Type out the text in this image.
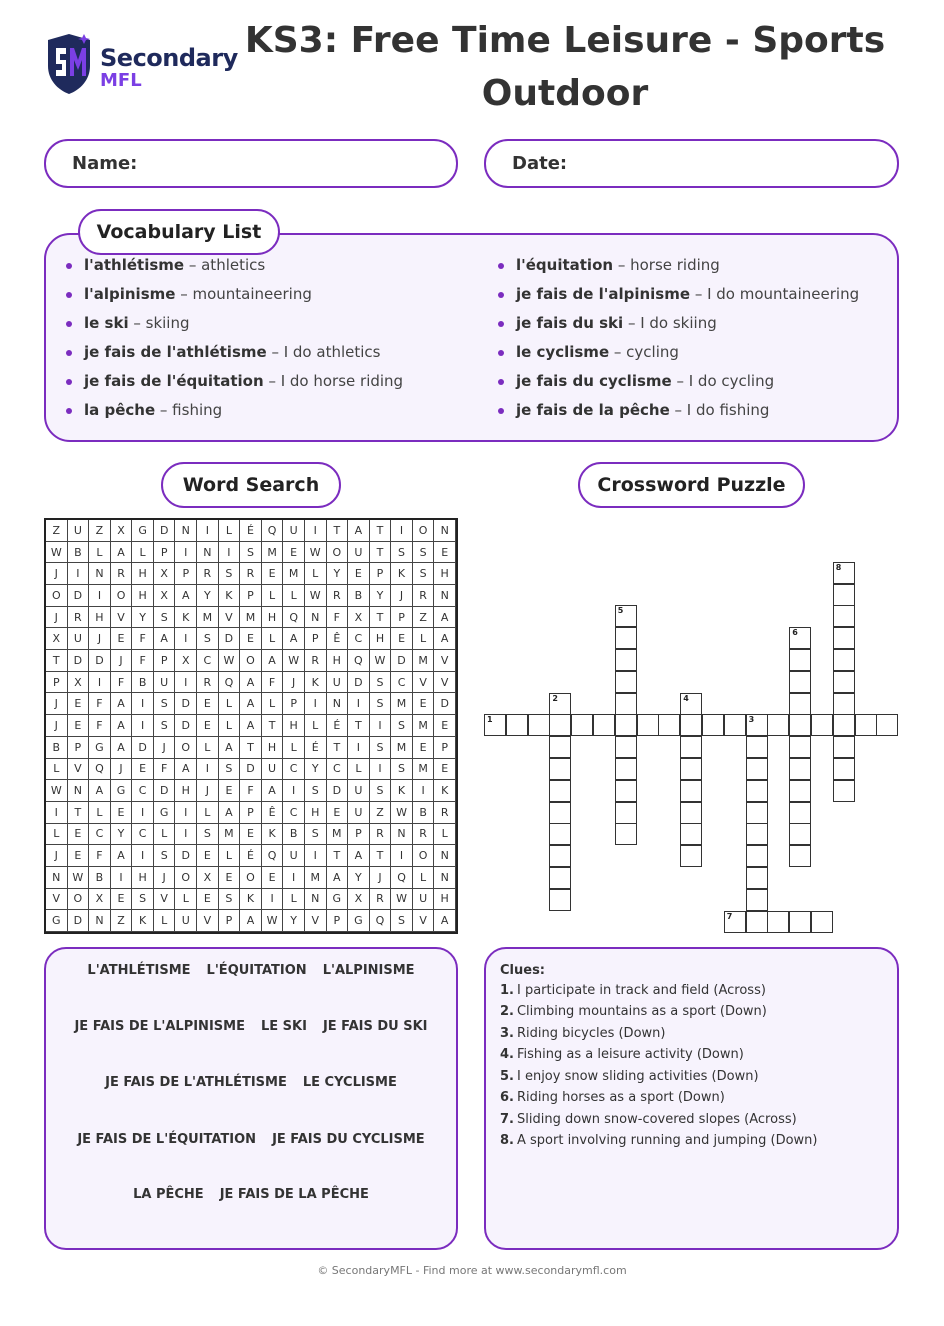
Secondary
MFL
KS3: Free Time Leisure - Sports Outdoor
Name:	Date:
Vocabulary List
l'athlétisme – athletics
l'alpinisme – mountaineering
le ski – skiing
je fais de l'athlétisme – I do athletics
je fais de l'équitation – I do horse riding
la pêche – fishing
l'équitation – horse riding
je fais de l'alpinisme – I do mountaineering
je fais du ski – I do skiing
le cyclisme – cycling
je fais du cyclisme – I do cycling
je fais de la pêche – I do fishing
Word Search	Crossword Puzzle
Z	U	Z	X	G	D	N	I	L	É	Q	U	I	T	A	T	I	O	N
W	B	L	A	L	P	I	N	I	S	M	E	W	O	U	T	S	S	E
J	I	N	R	H	X	P	R	S	R	E	M	L	Y	E	P	K	S	H
O	D	I	O	H	X	A	Y	K	P	L	L	W	R	B	Y	J	R	N
J	R	H	V	Y	S	K	M	V	M	H	Q	N	F	X	T	P	Z	A
X	U	J	E	F	A	I	S	D	E	L	A	P	Ê	C	H	E	L	A
T	D	D	J	F	P	X	C	W	O	A	W	R	H	Q	W	D	M	V
P	X	I	F	B	U	I	R	Q	A	F	J	K	U	D	S	C	V	V
J	E	F	A	I	S	D	E	L	A	L	P	I	N	I	S	M	E	D
J	E	F	A	I	S	D	E	L	A	T	H	L	É	T	I	S	M	E
B	P	G	A	D	J	O	L	A	T	H	L	É	T	I	S	M	E	P
L	V	Q	J	E	F	A	I	S	D	U	C	Y	C	L	I	S	M	E
W	N	A	G	C	D	H	J	E	F	A	I	S	D	U	S	K	I	K
I	T	L	E	I	G	I	L	A	P	Ê	C	H	E	U	Z	W	B	R
L	E	C	Y	C	L	I	S	M	E	K	B	S	M	P	R	N	R	L
J	E	F	A	I	S	D	E	L	É	Q	U	I	T	A	T	I	O	N
N	W	B	I	H	J	O	X	E	O	E	I	M	A	Y	J	Q	L	N
V	O	X	E	S	V	L	E	S	K	I	L	N	G	X	R	W	U	H
G	D	N	Z	K	L	U	V	P	A	W	Y	V	P	G	Q	S	V	A
L'ATHLÉTISME L'ÉQUITATION L'ALPINISME
JE FAIS DE L'ALPINISME LE SKI JE FAIS DU SKI
JE FAIS DE L'ATHLÉTISME LE CYCLISME
JE FAIS DE L'ÉQUITATION JE FAIS DU CYCLISME
LA PÊCHE JE FAIS DE LA PÊCHE
1	3
7
2	4
5
6
8
Clues:
1. I participate in track and field (Across)
2. Climbing mountains as a sport (Down)
3. Riding bicycles (Down)
4. Fishing as a leisure activity (Down)
5. I enjoy snow sliding activities (Down)
6. Riding horses as a sport (Down)
7. Sliding down snow-covered slopes (Across)
8. A sport involving running and jumping (Down)
© SecondaryMFL - Find more at www.secondarymfl.com
